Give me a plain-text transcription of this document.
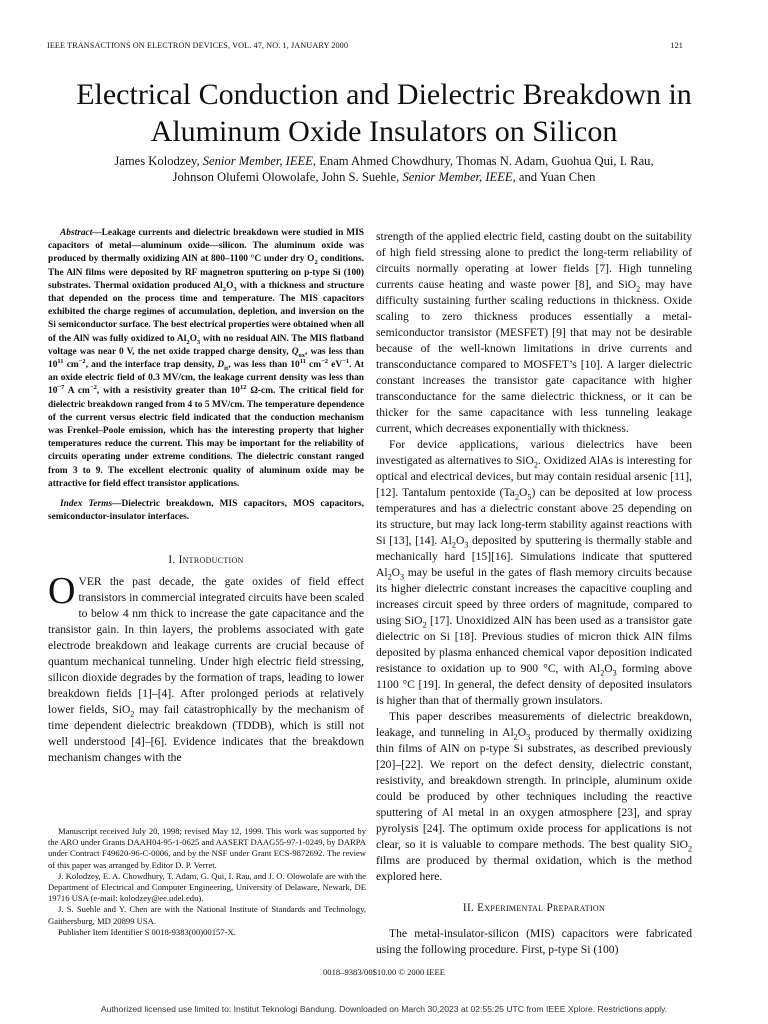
IEEE TRANSACTIONS ON ELECTRON DEVICES, VOL. 47, NO. 1, JANUARY 2000	121
Electrical Conduction and Dielectric Breakdown in
Aluminum Oxide Insulators on Silicon
James Kolodzey, Senior Member, IEEE, Enam Ahmed Chowdhury, Thomas N. Adam, Guohua Qui, I. Rau,
Johnson Olufemi Olowolafe, John S. Suehle, Senior Member, IEEE, and Yuan Chen

Abstract—Leakage currents and dielectric breakdown were studied in MIS capacitors of metal—aluminum oxide—silicon. The aluminum oxide was produced by thermally oxidizing AlN at 800–1100 °C under dry $O_2$ conditions. The AlN films were deposited by RF magnetron sputtering on p-type Si (100) substrates. Thermal oxidation produced $Al_2O_3$ with a thickness and structure that depended on the process time and temperature. The MIS capacitors exhibited the charge regimes of accumulation, depletion, and inversion on the Si semiconductor surface. The best electrical properties were obtained when all of the AlN was fully oxidized to $Al_2O_3$ with no residual AlN. The MIS flatband voltage was near 0 V, the net oxide trapped charge density, $Q_{ox}$, was less than $10^{11}$ $cm^{-2}$, and the interface trap density, $D_{it}$, was less than $10^{11}$ $cm^{-2}$ $eV^{-1}$. At an oxide electric field of 0.3 MV/cm, the leakage current density was less than $10^{-7}$ A $cm^{-2}$, with a resistivity greater than $10^{12}$ Ω-cm. The critical field for dielectric breakdown ranged from 4 to 5 MV/cm. The temperature dependence of the current versus electric field indicated that the conduction mechanism was Frenkel–Poole emission, which has the interesting property that higher temperatures reduce the current. This may be important for the reliability of circuits operating under extreme conditions. The dielectric constant ranged from 3 to 9. The excellent electronic quality of aluminum oxide may be attractive for field effect transistor applications.

Index Terms—Dielectric breakdown, MIS capacitors, MOS capacitors, semiconductor-insulator interfaces.

I. Introduction

OVER the past decade, the gate oxides of field effect transistors in commercial integrated circuits have been scaled to below 4 nm thick to increase the gate capacitance and the transistor gain. In thin layers, the problems associated with gate electrode breakdown and leakage currents are crucial because of quantum mechanical tunneling. Under high electric field stressing, silicon dioxide degrades by the formation of traps, leading to lower breakdown fields [1]–[4]. After prolonged periods at relatively lower fields, SiO$_2$ may fail catastrophically by the mechanism of time dependent dielectric breakdown (TDDB), which is still not well understood [4]–[6]. Evidence indicates that the breakdown mechanism changes with the

Manuscript received July 20, 1998; revised May 12, 1999. This work was supported by the ARO under Grants DAAH04-95-1-0625 and AASERT DAAG55-97-1-0249, by DARPA under Contract F49620-96-C-0006, and by the NSF under Grant ECS-9872692. The review of this paper was arranged by Editor D. P. Verret.

J. Kolodzey, E. A. Chowdhury, T. Adam, G. Qui, I. Rau, and J. O. Olowolafe are with the Department of Electrical and Computer Engineering, University of Delaware, Newark, DE 19716 USA (e-mail: kolodzey@ee.udel.edu).

J. S. Suehle and Y. Chen are with the National Institute of Standards and Technology, Gaithersburg, MD 20899 USA.

Publisher Item Identifier S 0018-9383(00)00157-X.

strength of the applied electric field, casting doubt on the suitability of high field stressing alone to predict the long-term reliability of circuits normally operating at lower fields [7]. High tunneling currents cause heating and waste power [8], and SiO$_2$ may have difficulty sustaining further scaling reductions in thickness. Oxide scaling to zero thickness produces essentially a metal-semiconductor transistor (MESFET) [9] that may not be desirable because of the well-known limitations in drive currents and transconductance compared to MOSFET’s [10]. A larger dielectric constant increases the transistor gate capacitance with higher transconductance for the same dielectric thickness, or it can be thicker for the same capacitance with less tunneling leakage current, which decreases exponentially with thickness.

For device applications, various dielectrics have been investigated as alternatives to SiO$_2$. Oxidized AlAs is interesting for optical and electrical devices, but may contain residual arsenic [11], [12]. Tantalum pentoxide $(Ta_2O_5)$ can be deposited at low process temperatures and has a dielectric constant above 25 depending on its structure, but may lack long-term stability against reactions with Si [13], [14]. $Al_2O_3$ deposited by sputtering is thermally stable and mechanically hard [15][16]. Simulations indicate that sputtered $Al_2O_3$ may be useful in the gates of flash memory circuits because its higher dielectric constant increases the capacitive coupling and increases circuit speed by three orders of magnitude, compared to using SiO$_2$ [17]. Unoxidized AlN has been used as a transistor gate dielectric on Si [18]. Previous studies of micron thick AlN films deposited by plasma enhanced chemical vapor deposition indicated resistance to oxidation up to 900 °C, with $Al_2O_3$ forming above 1100 °C [19]. In general, the defect density of deposited insulators is higher than that of thermally grown insulators.

This paper describes measurements of dielectric breakdown, leakage, and tunneling in $Al_2O_3$ produced by thermally oxidizing thin films of AlN on p-type Si substrates, as described previously [20]–[22]. We report on the defect density, dielectric constant, resistivity, and breakdown strength. In principle, aluminum oxide could be produced by other techniques including the reactive sputtering of Al metal in an oxygen atmosphere [23], and spray pyrolysis [24]. The optimum oxide process for applications is not clear, so it is valuable to compare methods. The best quality SiO$_2$ films are produced by thermal oxidation, which is the method explored here.

II. Experimental Preparation

The metal-insulator-silicon (MIS) capacitors were fabricated using the following procedure. First, p-type Si (100)

0018–9383/00$10.00 © 2000 IEEE
Authorized licensed use limited to: Institut Teknologi Bandung. Downloaded on March 30,2023 at 02:55:25 UTC from IEEE Xplore. Restrictions apply.
